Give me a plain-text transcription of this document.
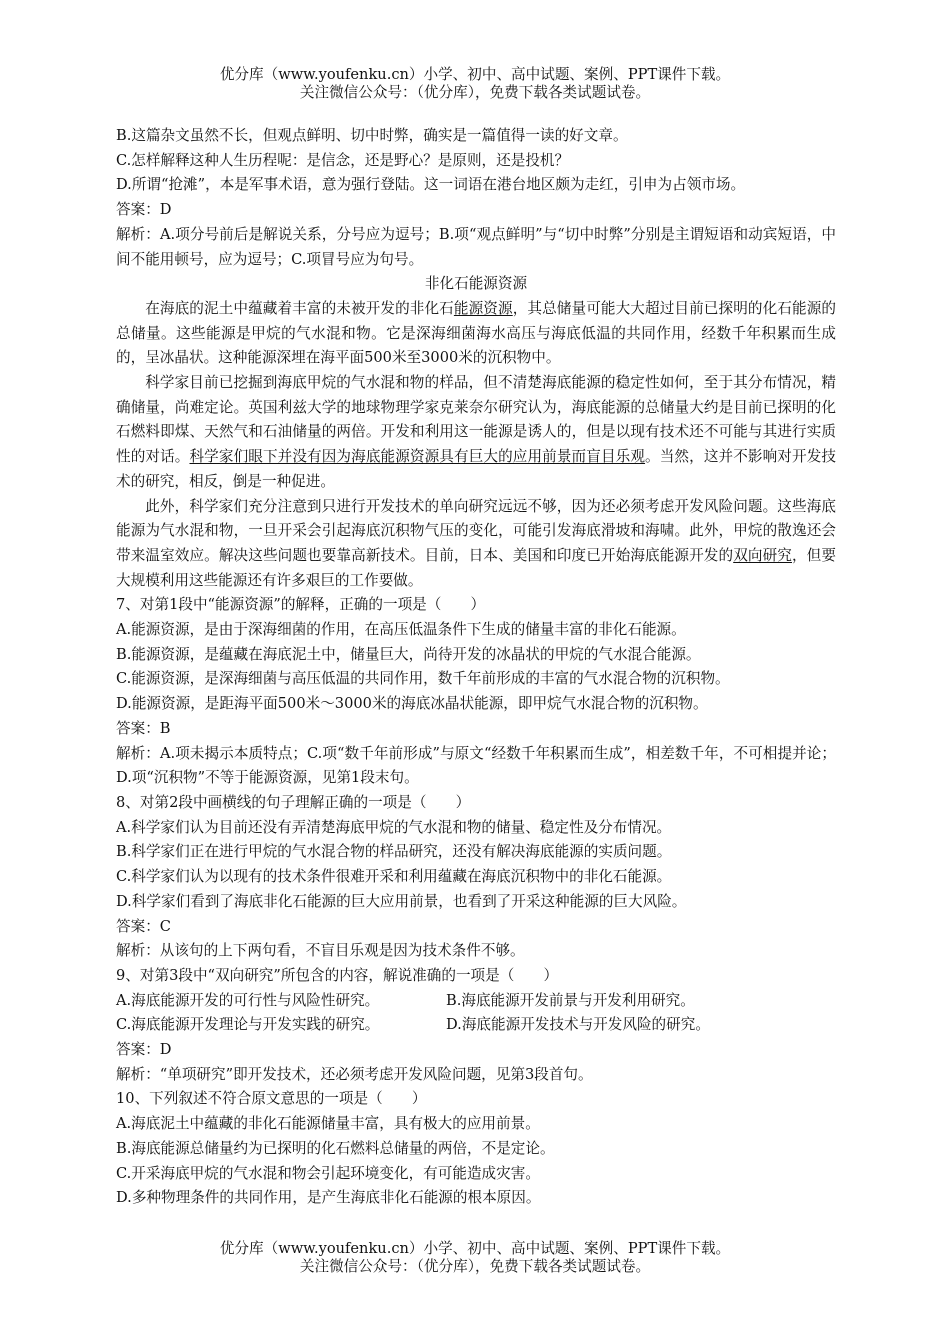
优分库（www.youfenku.cn）小学、初中、高中试题、案例、PPT课件下载。
关注微信公众号：（优分库），免费下载各类试题试卷。
B.这篇杂文虽然不长，但观点鲜明、切中时弊，确实是一篇值得一读的好文章。
C.怎样解释这种人生历程呢：是信念，还是野心？是原则，还是投机？
D.所谓“抢滩”，本是军事术语，意为强行登陆。这一词语在港台地区颇为走红，引申为占领市场。
答案：D
解析：A.项分号前后是解说关系，分号应为逗号；B.项“观点鲜明”与“切中时弊”分别是主谓短语和动宾短语，中间不能用顿号，应为逗号；C.项冒号应为句号。
非化石能源资源

在海底的泥土中蕴藏着丰富的未被开发的非化石能源资源，其总储量可能大大超过目前已探明的化石能源的总储量。这些能源是甲烷的气水混和物。它是深海细菌海水高压与海底低温的共同作用，经数千年积累而生成的，呈冰晶状。这种能源深埋在海平面500米至3000米的沉积物中。

科学家目前已挖掘到海底甲烷的气水混和物的样品，但不清楚海底能源的稳定性如何，至于其分布情况，精确储量，尚难定论。英国利兹大学的地球物理学家克莱奈尔研究认为，海底能源的总储量大约是目前已探明的化石燃料即煤、天然气和石油储量的两倍。开发和利用这一能源是诱人的，但是以现有技术还不可能与其进行实质性的对话。科学家们眼下并没有因为海底能源资源具有巨大的应用前景而盲目乐观。当然，这并不影响对开发技术的研究，相反，倒是一种促进。

此外，科学家们充分注意到只进行开发技术的单向研究远远不够，因为还必须考虑开发风险问题。这些海底能源为气水混和物，一旦开采会引起海底沉积物气压的变化，可能引发海底滑坡和海啸。此外，甲烷的散逸还会带来温室效应。解决这些问题也要靠高新技术。目前，日本、美国和印度已开始海底能源开发的双向研究，但要大规模利用这些能源还有许多艰巨的工作要做。

7、对第1段中“能源资源”的解释，正确的一项是（　　）
A.能源资源，是由于深海细菌的作用，在高压低温条件下生成的储量丰富的非化石能源。
B.能源资源，是蕴藏在海底泥土中，储量巨大，尚待开发的冰晶状的甲烷的气水混合能源。
C.能源资源，是深海细菌与高压低温的共同作用，数千年前形成的丰富的气水混合物的沉积物。
D.能源资源，是距海平面500米～3000米的海底冰晶状能源，即甲烷气水混合物的沉积物。
答案：B
解析：A.项未揭示本质特点；C.项“数千年前形成”与原文“经数千年积累而生成”，相差数千年，不可相提并论；D.项“沉积物”不等于能源资源，见第1段末句。
8、对第2段中画横线的句子理解正确的一项是（　　）
A.科学家们认为目前还没有弄清楚海底甲烷的气水混和物的储量、稳定性及分布情况。
B.科学家们正在进行甲烷的气水混合物的样品研究，还没有解决海底能源的实质问题。
C.科学家们认为以现有的技术条件很难开采和利用蕴藏在海底沉积物中的非化石能源。
D.科学家们看到了海底非化石能源的巨大应用前景，也看到了开采这种能源的巨大风险。
答案：C
解析：从该句的上下两句看，不盲目乐观是因为技术条件不够。
9、对第3段中“双向研究”所包含的内容，解说准确的一项是（　　）
A.海底能源开发的可行性与风险性研究。	B.海底能源开发前景与开发利用研究。
C.海底能源开发理论与开发实践的研究。	D.海底能源开发技术与开发风险的研究。
答案：D
解析：“单项研究”即开发技术，还必须考虑开发风险问题，见第3段首句。
10、下列叙述不符合原文意思的一项是（　　）
A.海底泥土中蕴藏的非化石能源储量丰富，具有极大的应用前景。
B.海底能源总储量约为已探明的化石燃料总储量的两倍，不是定论。
C.开采海底甲烷的气水混和物会引起环境变化，有可能造成灾害。
D.多种物理条件的共同作用，是产生海底非化石能源的根本原因。
优分库（www.youfenku.cn）小学、初中、高中试题、案例、PPT课件下载。
关注微信公众号：（优分库），免费下载各类试题试卷。
